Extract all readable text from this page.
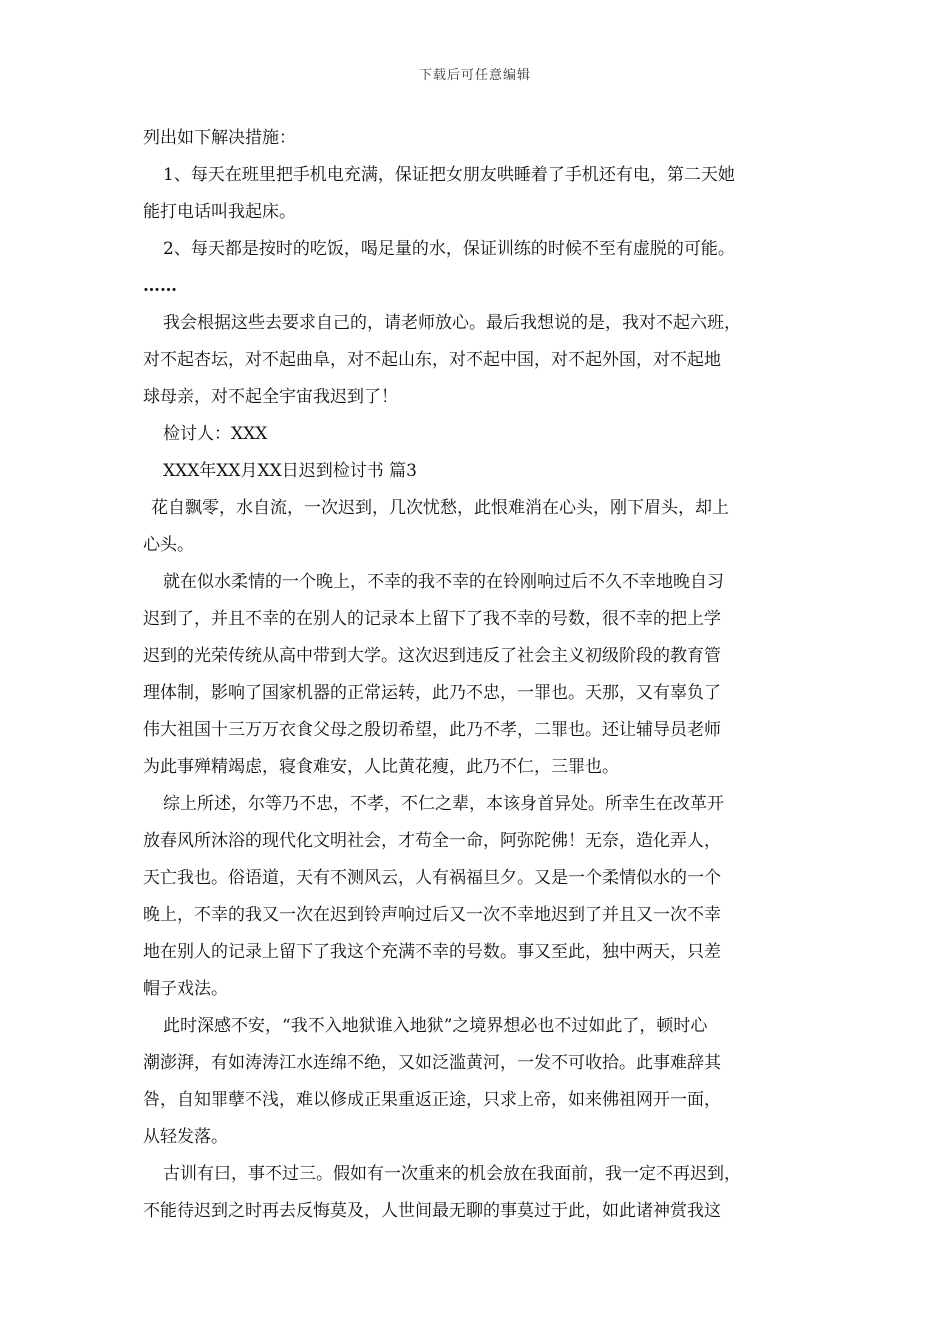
下载后可任意编辑
列出如下解决措施：
1、每天在班里把手机电充满，保证把女朋友哄睡着了手机还有电，第二天她
能打电话叫我起床。
2、每天都是按时的吃饭，喝足量的水，保证训练的时候不至有虚脱的可能。
……
我会根据这些去要求自己的，请老师放心。最后我想说的是，我对不起六班，
对不起杏坛，对不起曲阜，对不起山东，对不起中国，对不起外国，对不起地
球母亲，对不起全宇宙我迟到了！
检讨人：XXX
XXX年XX月XX日迟到检讨书 篇3
花自飘零，水自流，一次迟到，几次忧愁，此恨难消在心头，刚下眉头，却上
心头。
就在似水柔情的一个晚上，不幸的我不幸的在铃刚响过后不久不幸地晚自习
迟到了，并且不幸的在别人的记录本上留下了我不幸的号数，很不幸的把上学
迟到的光荣传统从高中带到大学。这次迟到违反了社会主义初级阶段的教育管
理体制，影响了国家机器的正常运转，此乃不忠，一罪也。天那，又有辜负了
伟大祖国十三万万衣食父母之殷切希望，此乃不孝，二罪也。还让辅导员老师
为此事殚精竭虑，寝食难安，人比黄花瘦，此乃不仁，三罪也。
综上所述，尔等乃不忠，不孝，不仁之辈，本该身首异处。所幸生在改革开
放春风所沐浴的现代化文明社会，才苟全一命，阿弥陀佛！无奈，造化弄人，
天亡我也。俗语道，天有不测风云，人有祸福旦夕。又是一个柔情似水的一个
晚上，不幸的我又一次在迟到铃声响过后又一次不幸地迟到了并且又一次不幸
地在别人的记录上留下了我这个充满不幸的号数。事又至此，独中两天，只差
帽子戏法。
此时深感不安，“我不入地狱谁入地狱”之境界想必也不过如此了，顿时心
潮澎湃，有如涛涛江水连绵不绝，又如泛滥黄河，一发不可收拾。此事难辞其
咎，自知罪孽不浅，难以修成正果重返正途，只求上帝，如来佛祖网开一面，
从轻发落。
古训有曰，事不过三。假如有一次重来的机会放在我面前，我一定不再迟到，
不能待迟到之时再去反悔莫及，人世间最无聊的事莫过于此，如此诸神赏我这
